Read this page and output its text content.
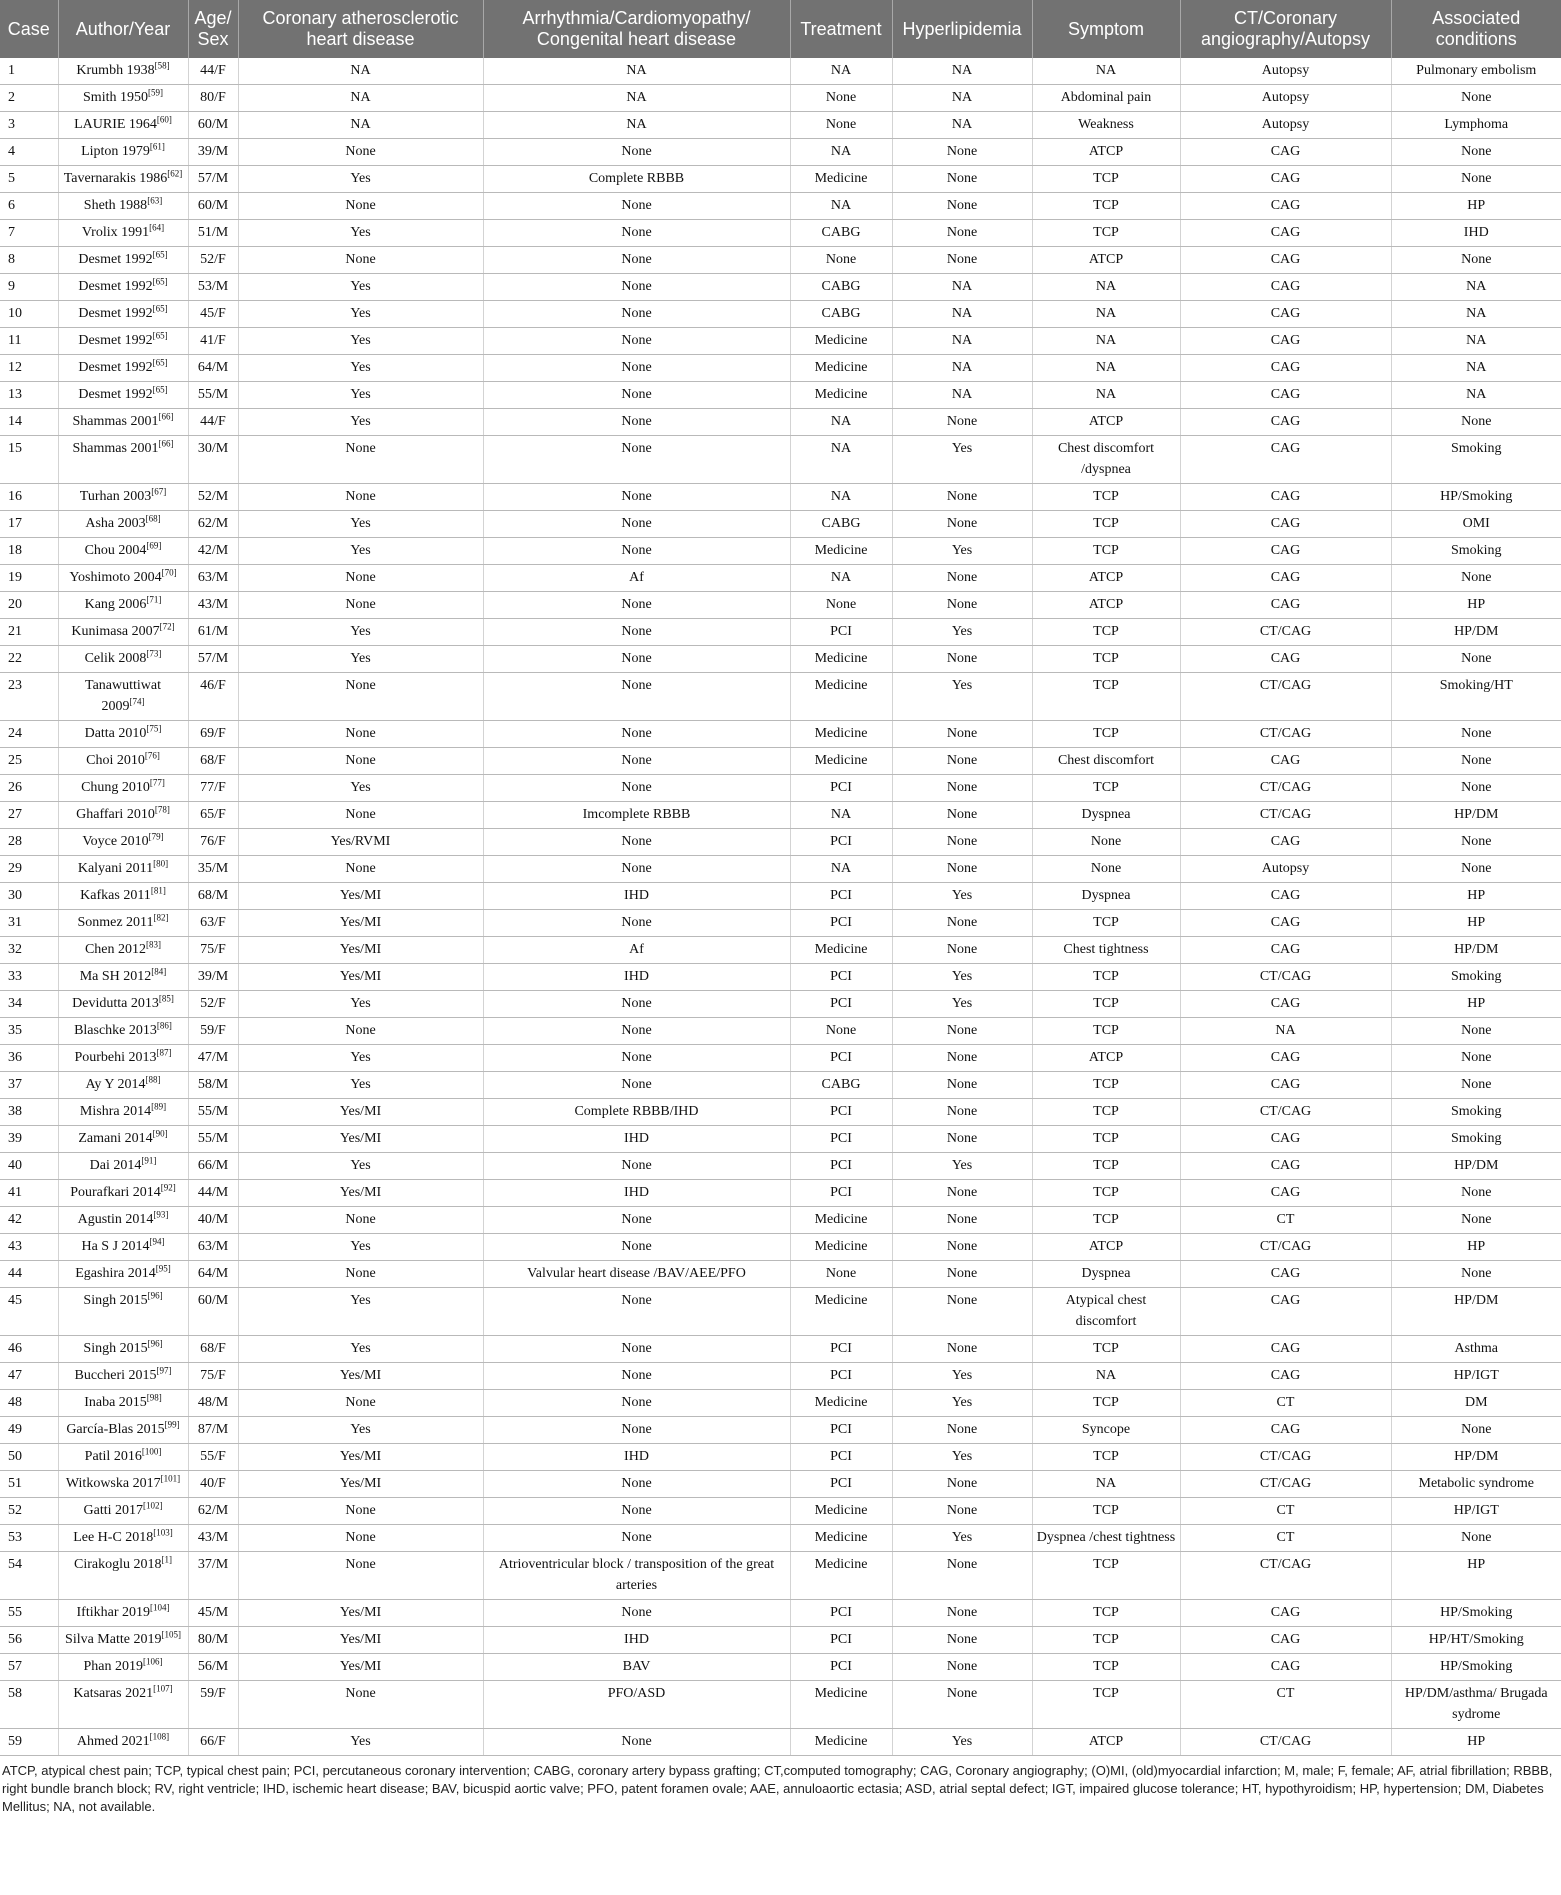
Case	Author/Year	Age/ Sex	Coronary atherosclerotic heart disease	Arrhythmia/Cardiomyopathy/ Congenital heart disease	Treatment	Hyperlipidemia	Symptom	CT/Coronary angiography/Autopsy	Associated conditions
1	Krumbh 1938[58]	44/F	NA	NA	NA	NA	NA	Autopsy	Pulmonary embolism
2	Smith 1950[59]	80/F	NA	NA	None	NA	Abdominal pain	Autopsy	None
3	LAURIE 1964[60]	60/M	NA	NA	None	NA	Weakness	Autopsy	Lymphoma
4	Lipton 1979[61]	39/M	None	None	NA	None	ATCP	CAG	None
5	Tavernarakis 1986[62]	57/M	Yes	Complete RBBB	Medicine	None	TCP	CAG	None
6	Sheth 1988[63]	60/M	None	None	NA	None	TCP	CAG	HP
7	Vrolix 1991[64]	51/M	Yes	None	CABG	None	TCP	CAG	IHD
8	Desmet 1992[65]	52/F	None	None	None	None	ATCP	CAG	None
9	Desmet 1992[65]	53/M	Yes	None	CABG	NA	NA	CAG	NA
10	Desmet 1992[65]	45/F	Yes	None	CABG	NA	NA	CAG	NA
11	Desmet 1992[65]	41/F	Yes	None	Medicine	NA	NA	CAG	NA
12	Desmet 1992[65]	64/M	Yes	None	Medicine	NA	NA	CAG	NA
13	Desmet 1992[65]	55/M	Yes	None	Medicine	NA	NA	CAG	NA
14	Shammas 2001[66]	44/F	Yes	None	NA	None	ATCP	CAG	None
15	Shammas 2001[66]	30/M	None	None	NA	Yes	Chest discomfort /dyspnea	CAG	Smoking
16	Turhan 2003[67]	52/M	None	None	NA	None	TCP	CAG	HP/Smoking
17	Asha 2003[68]	62/M	Yes	None	CABG	None	TCP	CAG	OMI
18	Chou 2004[69]	42/M	Yes	None	Medicine	Yes	TCP	CAG	Smoking
19	Yoshimoto 2004[70]	63/M	None	Af	NA	None	ATCP	CAG	None
20	Kang 2006[71]	43/M	None	None	None	None	ATCP	CAG	HP
21	Kunimasa 2007[72]	61/M	Yes	None	PCI	Yes	TCP	CT/CAG	HP/DM
22	Celik 2008[73]	57/M	Yes	None	Medicine	None	TCP	CAG	None
23	Tanawuttiwat 2009[74]	46/F	None	None	Medicine	Yes	TCP	CT/CAG	Smoking/HT
24	Datta 2010[75]	69/F	None	None	Medicine	None	TCP	CT/CAG	None
25	Choi 2010[76]	68/F	None	None	Medicine	None	Chest discomfort	CAG	None
26	Chung 2010[77]	77/F	Yes	None	PCI	None	TCP	CT/CAG	None
27	Ghaffari 2010[78]	65/F	None	Imcomplete RBBB	NA	None	Dyspnea	CT/CAG	HP/DM
28	Voyce 2010[79]	76/F	Yes/RVMI	None	PCI	None	None	CAG	None
29	Kalyani 2011[80]	35/M	None	None	NA	None	None	Autopsy	None
30	Kafkas 2011[81]	68/M	Yes/MI	IHD	PCI	Yes	Dyspnea	CAG	HP
31	Sonmez 2011[82]	63/F	Yes/MI	None	PCI	None	TCP	CAG	HP
32	Chen 2012[83]	75/F	Yes/MI	Af	Medicine	None	Chest tightness	CAG	HP/DM
33	Ma SH 2012[84]	39/M	Yes/MI	IHD	PCI	Yes	TCP	CT/CAG	Smoking
34	Devidutta 2013[85]	52/F	Yes	None	PCI	Yes	TCP	CAG	HP
35	Blaschke 2013[86]	59/F	None	None	None	None	TCP	NA	None
36	Pourbehi 2013[87]	47/M	Yes	None	PCI	None	ATCP	CAG	None
37	Ay Y 2014[88]	58/M	Yes	None	CABG	None	TCP	CAG	None
38	Mishra 2014[89]	55/M	Yes/MI	Complete RBBB/IHD	PCI	None	TCP	CT/CAG	Smoking
39	Zamani 2014[90]	55/M	Yes/MI	IHD	PCI	None	TCP	CAG	Smoking
40	Dai 2014[91]	66/M	Yes	None	PCI	Yes	TCP	CAG	HP/DM
41	Pourafkari 2014[92]	44/M	Yes/MI	IHD	PCI	None	TCP	CAG	None
42	Agustin 2014[93]	40/M	None	None	Medicine	None	TCP	CT	None
43	Ha S J 2014[94]	63/M	Yes	None	Medicine	None	ATCP	CT/CAG	HP
44	Egashira 2014[95]	64/M	None	Valvular heart disease /BAV/AEE/PFO	None	None	Dyspnea	CAG	None
45	Singh 2015[96]	60/M	Yes	None	Medicine	None	Atypical chest discomfort	CAG	HP/DM
46	Singh 2015[96]	68/F	Yes	None	PCI	None	TCP	CAG	Asthma
47	Buccheri 2015[97]	75/F	Yes/MI	None	PCI	Yes	NA	CAG	HP/IGT
48	Inaba 2015[98]	48/M	None	None	Medicine	Yes	TCP	CT	DM
49	García-Blas 2015[99]	87/M	Yes	None	PCI	None	Syncope	CAG	None
50	Patil 2016[100]	55/F	Yes/MI	IHD	PCI	Yes	TCP	CT/CAG	HP/DM
51	Witkowska 2017[101]	40/F	Yes/MI	None	PCI	None	NA	CT/CAG	Metabolic syndrome
52	Gatti 2017[102]	62/M	None	None	Medicine	None	TCP	CT	HP/IGT
53	Lee H-C 2018[103]	43/M	None	None	Medicine	Yes	Dyspnea /chest tightness	CT	None
54	Cirakoglu 2018[1]	37/M	None	Atrioventricular block / transposition of the great arteries	Medicine	None	TCP	CT/CAG	HP
55	Iftikhar 2019[104]	45/M	Yes/MI	None	PCI	None	TCP	CAG	HP/Smoking
56	Silva Matte 2019[105]	80/M	Yes/MI	IHD	PCI	None	TCP	CAG	HP/HT/Smoking
57	Phan 2019[106]	56/M	Yes/MI	BAV	PCI	None	TCP	CAG	HP/Smoking
58	Katsaras 2021[107]	59/F	None	PFO/ASD	Medicine	None	TCP	CT	HP/DM/asthma/ Brugada sydrome
59	Ahmed 2021[108]	66/F	Yes	None	Medicine	Yes	ATCP	CT/CAG	HP
ATCP, atypical chest pain; TCP, typical chest pain; PCI, percutaneous coronary intervention; CABG, coronary artery bypass grafting; CT,computed tomography; CAG, Coronary angiography; (O)MI, (old)myocardial infarction; M, male; F, female; AF, atrial fibrillation; RBBB, right bundle branch block; RV, right ventricle; IHD, ischemic heart disease; BAV, bicuspid aortic valve; PFO, patent foramen ovale; AAE, annuloaortic ectasia; ASD, atrial septal defect; IGT, impaired glucose tolerance; HT, hypothyroidism; HP, hypertension; DM, Diabetes Mellitus; NA, not available.
